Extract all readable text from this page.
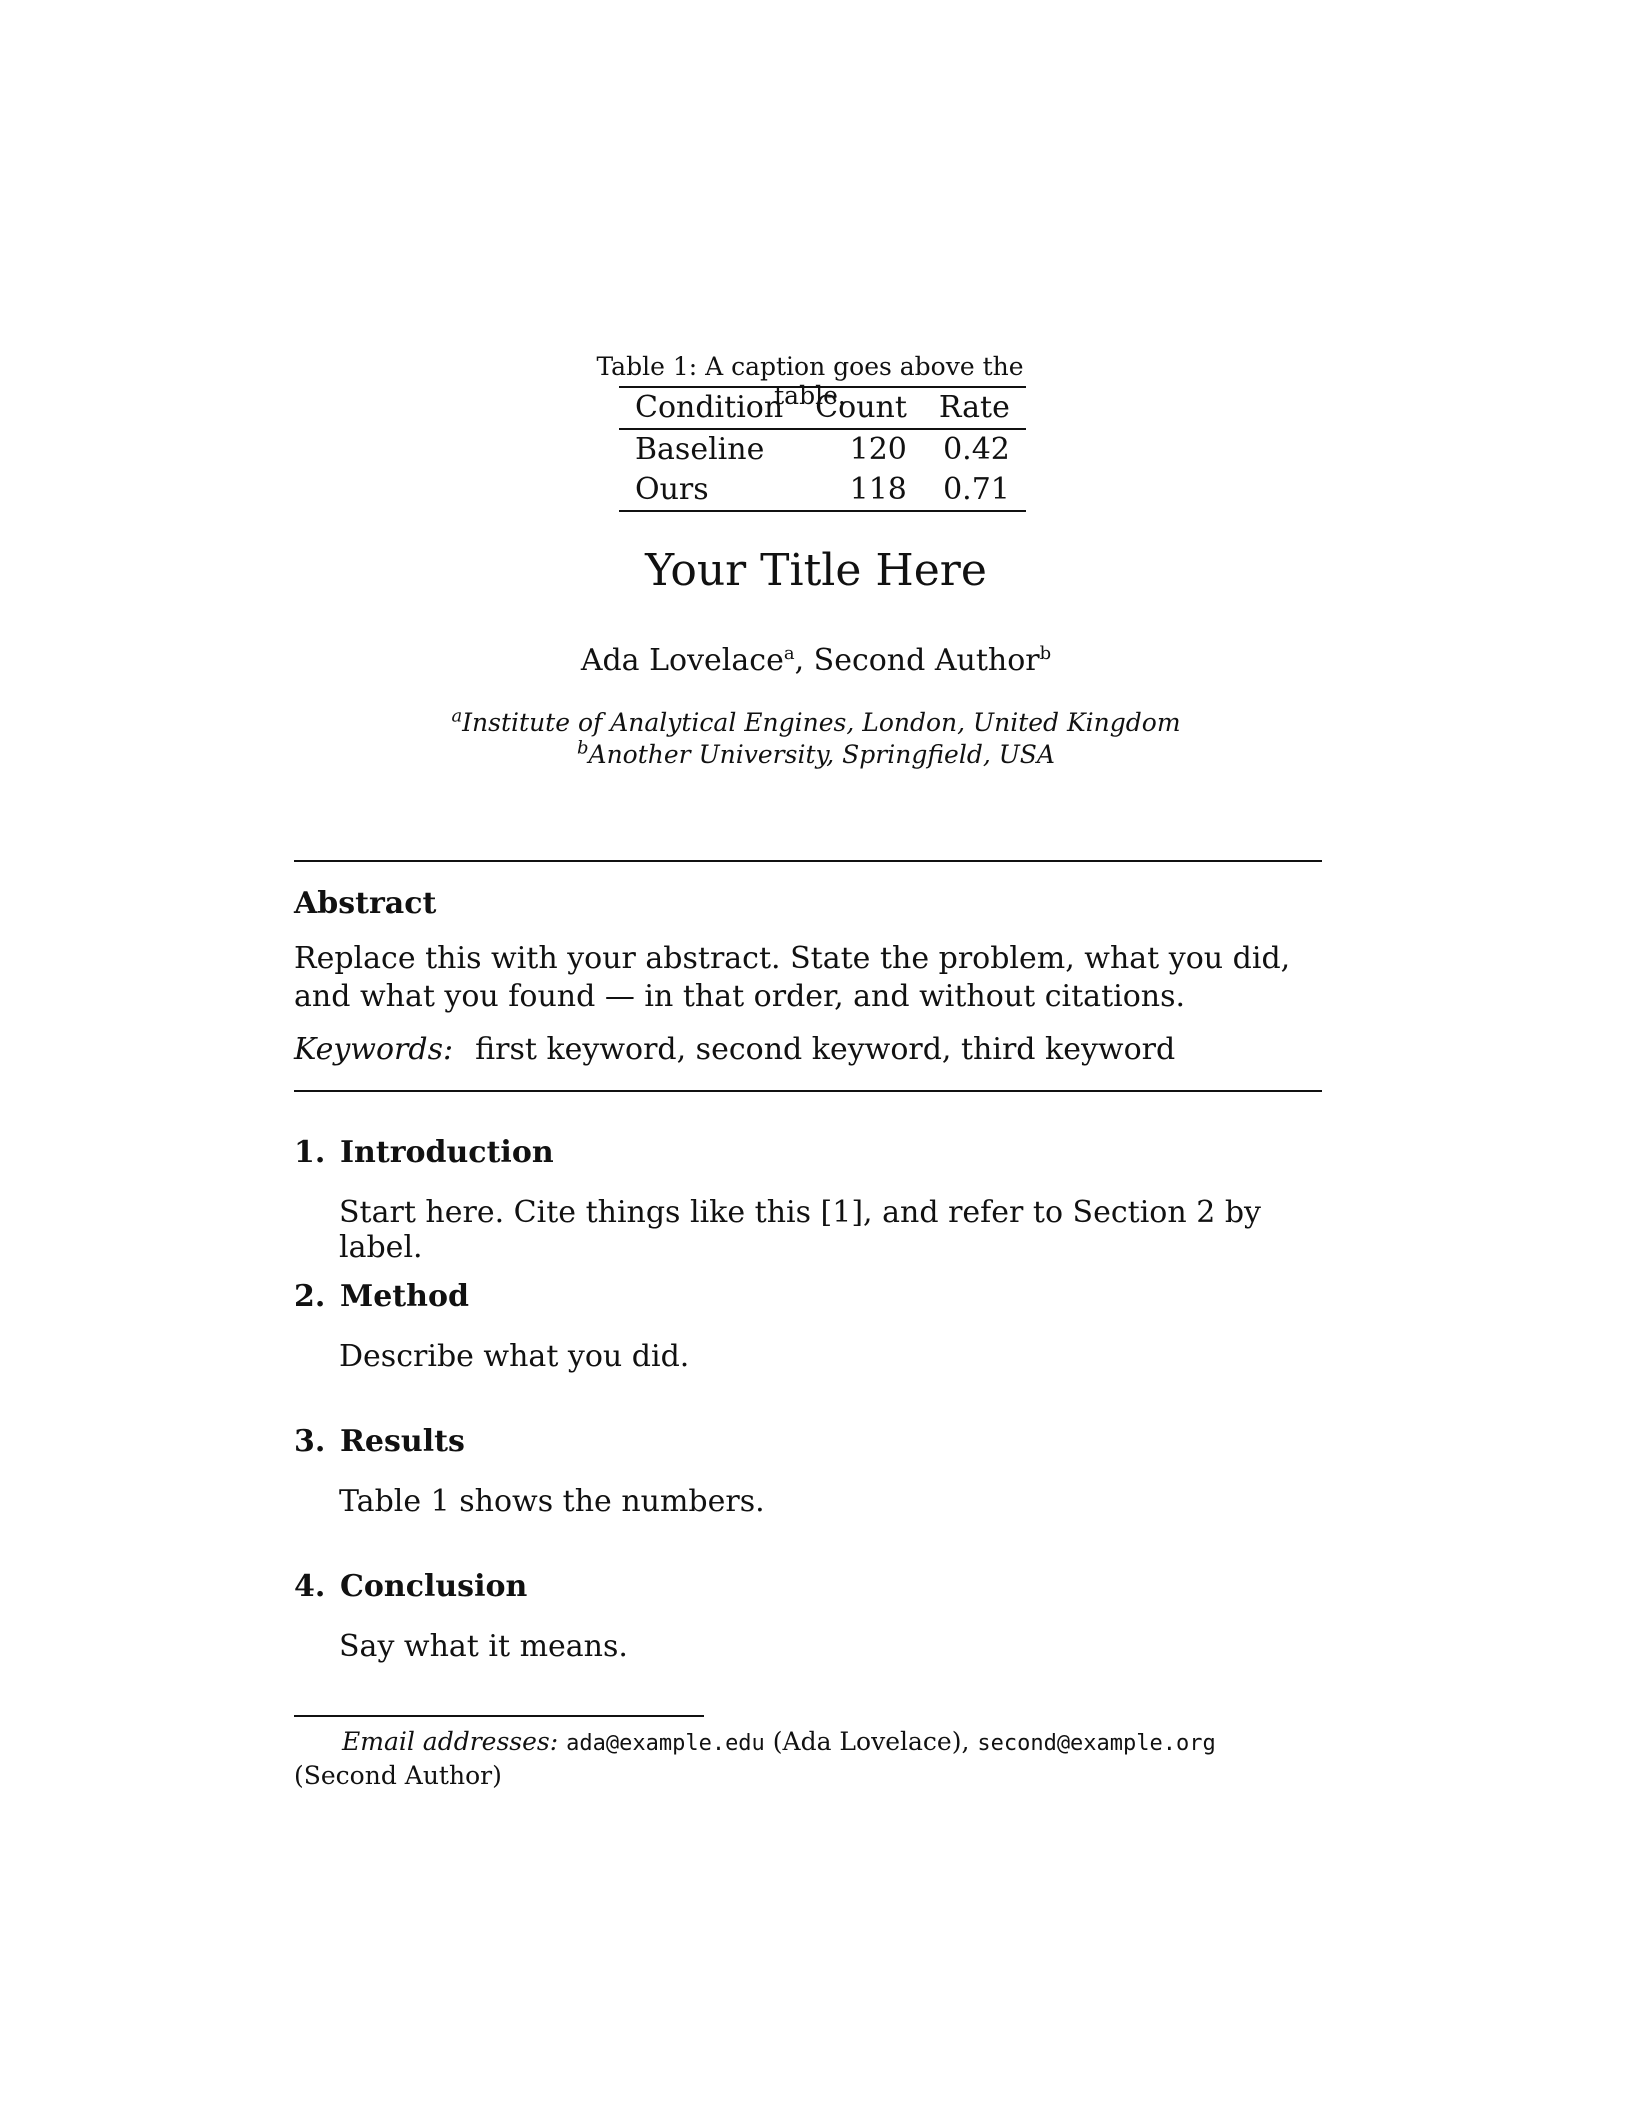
Table 1: A caption goes above the table.
Condition	Count	Rate
Baseline	120	0.42
Ours	118	0.71
Your Title Here
Ada Lovelace$^a$, Second Author$^b$
$^a$Institute of Analytical Engines, London, United Kingdom
$^b$Another University, Springfield, USA
Abstract
Replace this with your abstract. State the problem, what you did, and what you found — in that order, and without citations.
Keywords: first keyword, second keyword, third keyword
1. Introduction
Start here. Cite things like this [1], and refer to Section 2 by label.
2. Method
Describe what you did.
3. Results
Table 1 shows the numbers.
4. Conclusion
Say what it means.
Email addresses: ada@example.edu (Ada Lovelace), second@example.org (Second Author)
